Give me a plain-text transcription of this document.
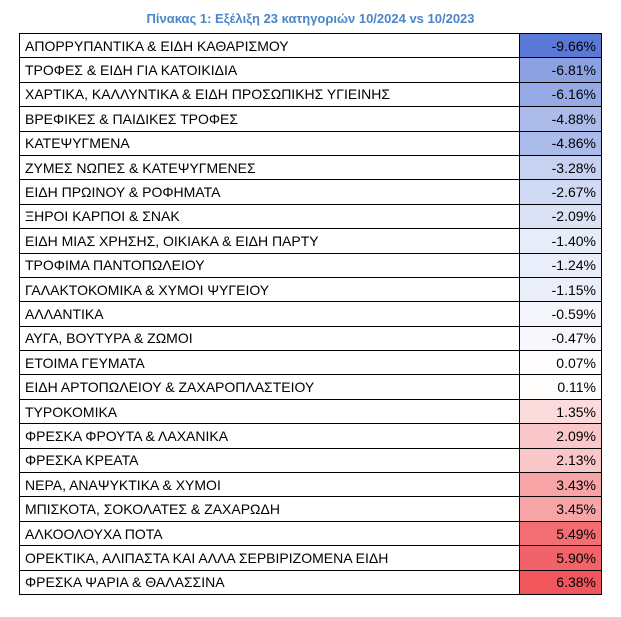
Πίνακας 1: Εξέλιξη 23 κατηγοριών 10/2024 vs 10/2023
ΑΠΟΡΡΥΠΑΝΤΙΚΑ & ΕΙΔΗ ΚΑΘΑΡΙΣΜΟΥ	-9.66%
ΤΡΟΦΕΣ & ΕΙΔΗ ΓΙΑ ΚΑΤΟΙΚΙΔΙΑ	-6.81%
ΧΑΡΤΙΚΑ, ΚΑΛΛΥΝΤΙΚΑ & ΕΙΔΗ ΠΡΟΣΩΠΙΚΗΣ ΥΓΙΕΙΝΗΣ	-6.16%
ΒΡΕΦΙΚΕΣ & ΠΑΙΔΙΚΕΣ ΤΡΟΦΕΣ	-4.88%
ΚΑΤΕΨΥΓΜΕΝΑ	-4.86%
ΖΥΜΕΣ ΝΩΠΕΣ & ΚΑΤΕΨΥΓΜΕΝΕΣ	-3.28%
ΕΙΔΗ ΠΡΩΙΝΟΥ & ΡΟΦΗΜΑΤΑ	-2.67%
ΞΗΡΟΙ ΚΑΡΠΟΙ & ΣΝΑΚ	-2.09%
ΕΙΔΗ ΜΙΑΣ ΧΡΗΣΗΣ, ΟΙΚΙΑΚΑ & ΕΙΔΗ ΠΑΡΤΥ	-1.40%
ΤΡΟΦΙΜΑ ΠΑΝΤΟΠΩΛΕΙΟΥ	-1.24%
ΓΑΛΑΚΤΟΚΟΜΙΚΑ & ΧΥΜΟΙ ΨΥΓΕΙΟΥ	-1.15%
ΑΛΛΑΝΤΙΚΑ	-0.59%
ΑΥΓΑ, ΒΟΥΤΥΡΑ & ΖΩΜΟΙ	-0.47%
ΕΤΟΙΜΑ ΓΕΥΜΑΤΑ	0.07%
ΕΙΔΗ ΑΡΤΟΠΩΛΕΙΟΥ & ΖΑΧΑΡΟΠΛΑΣΤΕΙΟΥ	0.11%
ΤΥΡΟΚΟΜΙΚΑ	1.35%
ΦΡΕΣΚΑ ΦΡΟΥΤΑ & ΛΑΧΑΝΙΚΑ	2.09%
ΦΡΕΣΚΑ ΚΡΕΑΤΑ	2.13%
ΝΕΡΑ, ΑΝΑΨΥΚΤΙΚΑ & ΧΥΜΟΙ	3.43%
ΜΠΙΣΚΟΤΑ, ΣΟΚΟΛΑΤΕΣ & ΖΑΧΑΡΩΔΗ	3.45%
ΑΛΚΟΟΛΟΥΧΑ ΠΟΤΑ	5.49%
ΟΡΕΚΤΙΚΑ, ΑΛΙΠΑΣΤΑ ΚΑΙ ΑΛΛΑ ΣΕΡΒΙΡΙΖΟΜΕΝΑ ΕΙΔΗ	5.90%
ΦΡΕΣΚΑ ΨΑΡΙΑ & ΘΑΛΑΣΣΙΝΑ	6.38%
